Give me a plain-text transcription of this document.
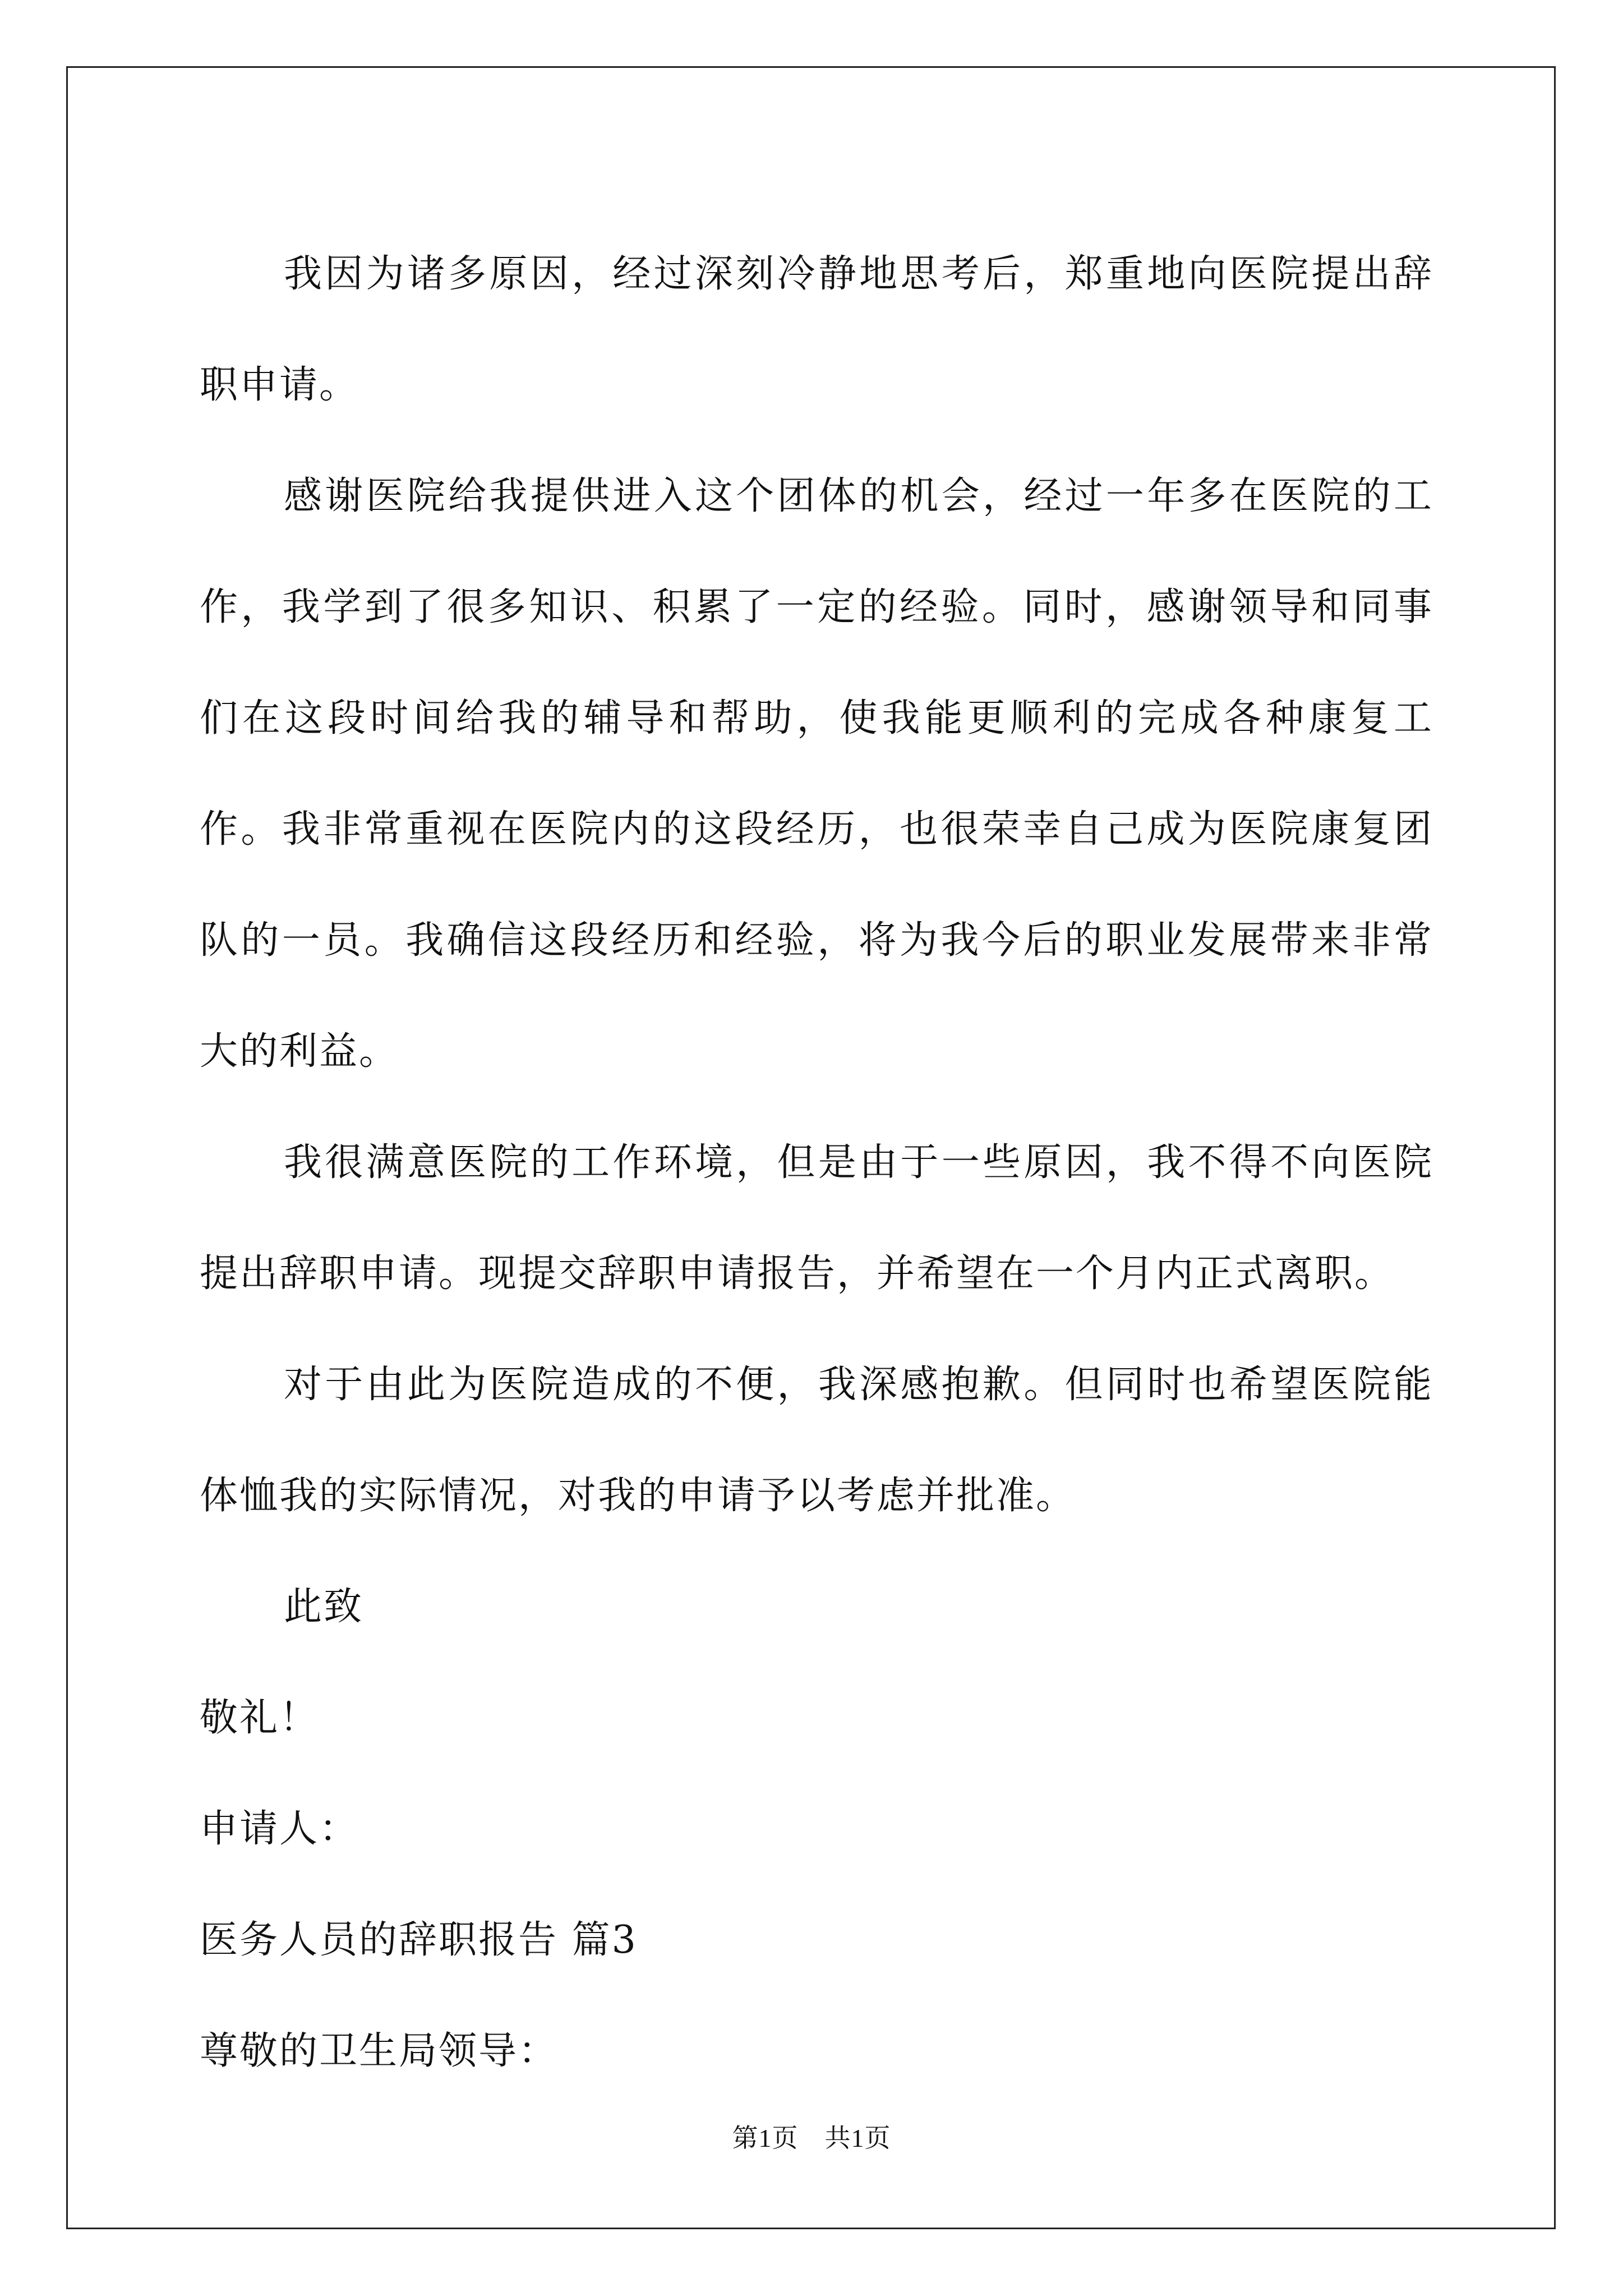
我因为诸多原因，经过深刻冷静地思考后，郑重地向医院提出辞职申请。

感谢医院给我提供进入这个团体的机会，经过一年多在医院的工作，我学到了很多知识、积累了一定的经验。同时，感谢领导和同事们在这段时间给我的辅导和帮助，使我能更顺利的完成各种康复工作。我非常重视在医院内的这段经历，也很荣幸自己成为医院康复团队的一员。我确信这段经历和经验，将为我今后的职业发展带来非常大的利益。

我很满意医院的工作环境，但是由于一些原因，我不得不向医院提出辞职申请。现提交辞职申请报告，并希望在一个月内正式离职。

对于由此为医院造成的不便，我深感抱歉。但同时也希望医院能体恤我的实际情况，对我的申请予以考虑并批准。

此致

敬礼！

申请人：

医务人员的辞职报告 篇3

尊敬的卫生局领导：

第1页　共1页
